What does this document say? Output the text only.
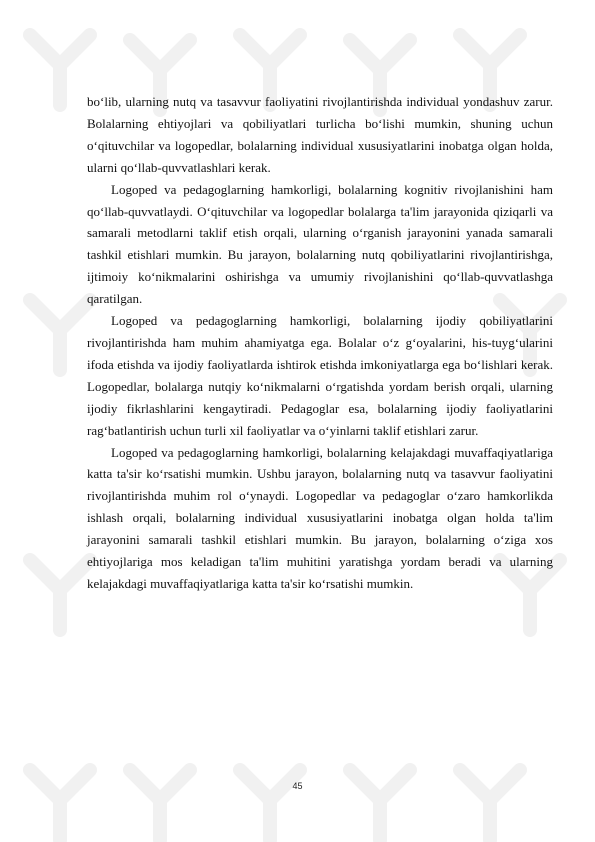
bo‘lib, ularning nutq va tasavvur faoliyatini rivojlantirishda individual yondashuv zarur. Bolalarning ehtiyojlari va qobiliyatlari turlicha bo‘lishi mumkin, shuning uchun o‘qituvchilar va logopedlar, bolalarning individual xususiyatlarini inobatga olgan holda, ularni qo‘llab-quvvatlashlari kerak.

Logoped va pedagoglarning hamkorligi, bolalarning kognitiv rivojlanishini ham qo‘llab-quvvatlaydi. O‘qituvchilar va logopedlar bolalarga ta'lim jarayonida qiziqarli va samarali metodlarni taklif etish orqali, ularning o‘rganish jarayonini yanada samarali tashkil etishlari mumkin. Bu jarayon, bolalarning nutq qobiliyatlarini rivojlantirishga, ijtimoiy ko‘nikmalarini oshirishga va umumiy rivojlanishini qo‘llab-quvvatlashga qaratilgan.

Logoped va pedagoglarning hamkorligi, bolalarning ijodiy qobiliyatlarini rivojlantirishda ham muhim ahamiyatga ega. Bolalar o‘z g‘oyalarini, his-tuyg‘ularini ifoda etishda va ijodiy faoliyatlarda ishtirok etishda imkoniyatlarga ega bo‘lishlari kerak. Logopedlar, bolalarga nutqiy ko‘nikmalarni o‘rgatishda yordam berish orqali, ularning ijodiy fikrlashlarini kengaytiradi. Pedagoglar esa, bolalarning ijodiy faoliyatlarini rag‘batlantirish uchun turli xil faoliyatlar va o‘yinlarni taklif etishlari zarur.

Logoped va pedagoglarning hamkorligi, bolalarning kelajakdagi muvaffaqiyatlariga katta ta'sir ko‘rsatishi mumkin. Ushbu jarayon, bolalarning nutq va tasavvur faoliyatini rivojlantirishda muhim rol o‘ynaydi. Logopedlar va pedagoglar o‘zaro hamkorlikda ishlash orqali, bolalarning individual xususiyatlarini inobatga olgan holda ta'lim jarayonini samarali tashkil etishlari mumkin. Bu jarayon, bolalarning o‘ziga xos ehtiyojlariga mos keladigan ta'lim muhitini yaratishga yordam beradi va ularning kelajakdagi muvaffaqiyatlariga katta ta'sir ko‘rsatishi mumkin.

45
